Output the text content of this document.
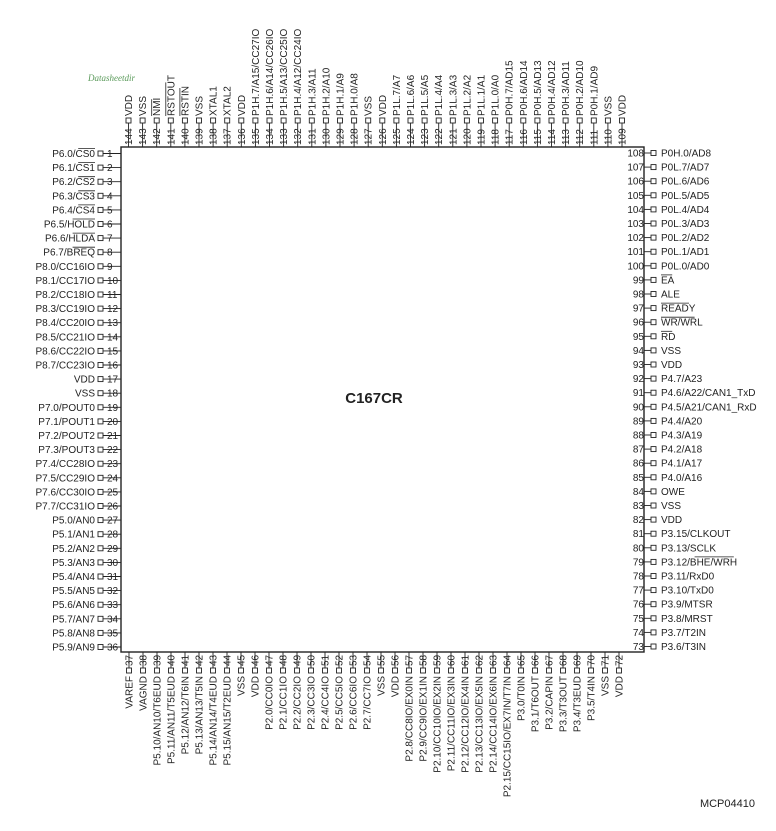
Datasheetdir
C167CR
1
P6.0/CS0
2
P6.1/CS1
3
P6.2/CS2
4
P6.3/CS3
5
P6.4/CS4
6
P6.5/HOLD
7
P6.6/HLDA
8
P6.7/BREQ
9
P8.0/CC16IO
10
P8.1/CC17IO
11
P8.2/CC18IO
12
P8.3/CC19IO
13
P8.4/CC20IO
14
P8.5/CC21IO
15
P8.6/CC22IO
16
P8.7/CC23IO
17
VDD
18
VSS
19
P7.0/POUT0
20
P7.1/POUT1
21
P7.2/POUT2
22
P7.3/POUT3
23
P7.4/CC28IO
24
P7.5/CC29IO
25
P7.6/CC30IO
26
P7.7/CC31IO
27
P5.0/AN0
28
P5.1/AN1
29
P5.2/AN2
30
P5.3/AN3
31
P5.4/AN4
32
P5.5/AN5
33
P5.6/AN6
34
P5.7/AN7
35
P5.8/AN8
36
P5.9/AN9
37
VAREF
38
VAGND
39
P5.10/AN10/T6EUD
40
P5.11/AN11/T5EUD
41
P5.12/AN12/T6IN
42
P5.13/AN13/T5IN
43
P5.14/AN14/T4EUD
44
P5.15/AN15/T2EUD
45
VSS
46
VDD
47
P2.0/CC0IO
48
P2.1/CC1IO
49
P2.2/CC2IO
50
P2.3/CC3IO
51
P2.4/CC4IO
52
P2.5/CC5IO
53
P2.6/CC6IO
54
P2.7/CC7IO
55
VSS
56
VDD
57
P2.8/CC8IO/EX0IN
58
P2.9/CC9IO/EX1IN
59
P2.10/CC10IO/EX2IN
60
P2.11/CC11IO/EX3IN
61
P2.12/CC12IO/EX4IN
62
P2.13/CC13IO/EX5IN
63
P2.14/CC14IO/EX6IN
64
P2.15/CC15IO/EX7IN/T7IN
65
P3.0/T0IN
66
P3.1/T6OUT
67
P3.2/CAPIN
68
P3.3/T3OUT
69
P3.4/T3EUD
70
P3.5/T4IN
71
VSS
72
VDD
73 P3.6/T3IN
74 P3.7/T2IN
75 P3.8/MRST
76 P3.9/MTSR
77 P3.10/TxD0
78 P3.11/RxD0
79 P3.12/BHE/WRH
80 P3.13/SCLK
81 P3.15/CLKOUT
82 VDD
83 VSS
84 OWE
85 P4.0/A16
86 P4.1/A17
87 P4.2/A18
88 P4.3/A19
89 P4.4/A20
90 P4.5/A21/CAN1_RxD
91 P4.6/A22/CAN1_TxD
92 P4.7/A23
93 VDD
94 VSS
95 RD
96 WR/WRL
97 READY
98 ALE
99 EA
100 P0L.0/AD0
101 P0L.1/AD1
102 P0L.2/AD2
103 P0L.3/AD3
104 P0L.4/AD4
105 P0L.5/AD5
106 P0L.6/AD6
107 P0L.7/AD7
108 P0H.0/AD8
109
VDD
110
VSS
111
P0H.1/AD9
112
P0H.2/AD10
113
P0H.3/AD11
114
P0H.4/AD12
115
P0H.5/AD13
116
P0H.6/AD14
117
P0H.7/AD15
118
P1L.0/A0
119
P1L.1/A1
120
P1L.2/A2
121
P1L.3/A3
122
P1L.4/A4
123
P1L.5/A5
124
P1L.6/A6
125
P1L.7/A7
126
VDD
127
VSS
128
P1H.0/A8
129
P1H.1/A9
130
P1H.2/A10
131
P1H.3/A11
132
P1H.4/A12/CC24IO
133
P1H.5/A13/CC25IO
134
P1H.6/A14/CC26IO
135
P1H.7/A15/CC27IO
136
VDD
137
XTAL2
138
XTAL1
139
VSS
140
RSTIN
141
RSTOUT
142
NMI
143
VSS
144
VDD
MCP04410
